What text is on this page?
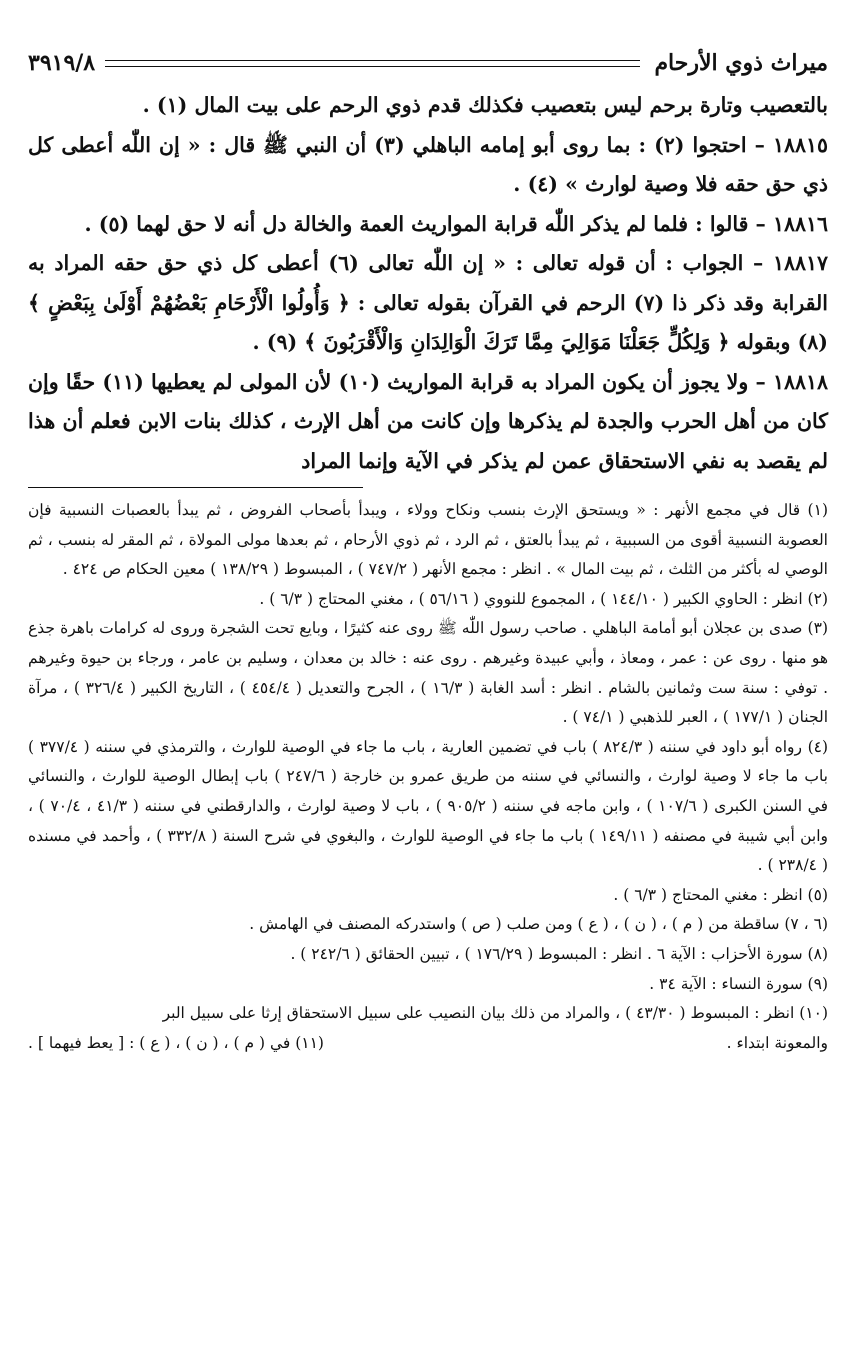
ميراث ذوي الأرحام
٣٩١٩/٨

بالتعصيب وتارة برحم ليس بتعصيب فكذلك قدم ذوي الرحم على بيت المال (١) .

١٨٨١٥ – احتجوا (٢) : بما روى أبو إمامه الباهلي (٣) أن النبي ﷺ قال : « إن اللّٰه أعطى كل ذي حق حقه فلا وصية لوارث » (٤) .

١٨٨١٦ – قالوا : فلما لم يذكر اللّٰه قرابة المواريث العمة والخالة دل أنه لا حق لهما (٥) .

١٨٨١٧ – الجواب : أن قوله تعالى : « إن اللّٰه تعالى (٦) أعطى كل ذي حق حقه المراد به القرابة وقد ذكر ذا (٧) الرحم في القرآن بقوله تعالى : ﴿ وَأُولُوا الْأَرْحَامِ بَعْضُهُمْ أَوْلَىٰ بِبَعْضٍ ﴾ (٨) وبقوله ﴿ وَلِكُلٍّ جَعَلْنَا مَوَالِيَ مِمَّا تَرَكَ الْوَالِدَانِ وَالْأَقْرَبُونَ ﴾ (٩) .

١٨٨١٨ – ولا يجوز أن يكون المراد به قرابة المواريث (١٠) لأن المولى لم يعطيها (١١) حقًا وإن كان من أهل الحرب والجدة لم يذكرها وإن كانت من أهل الإرث ، كذلك بنات الابن فعلم أن هذا لم يقصد به نفي الاستحقاق عمن لم يذكر في الآية وإنما المراد

(١) قال في مجمع الأنهر : « ويستحق الإرث بنسب ونكاح وولاء ، ويبدأ بأصحاب الفروض ، ثم يبدأ بالعصبات النسبية فإن العصوبة النسبية أقوى من السببية ، ثم يبدأ بالعتق ، ثم الرد ، ثم ذوي الأرحام ، ثم بعدها مولى المولاة ، ثم المقر له بنسب ، ثم الوصي له بأكثر من الثلث ، ثم بيت المال » . انظر : مجمع الأنهر ( ٧٤٧/٢ ) ، المبسوط ( ١٣٨/٢٩ ) معين الحكام ص ٤٢٤ .

(٢) انظر : الحاوي الكبير ( ١٤٤/١٠ ) ، المجموع للنووي ( ٥٦/١٦ ) ، مغني المحتاج ( ٦/٣ ) .

(٣) صدى بن عجلان أبو أمامة الباهلي . صاحب رسول اللّٰه ﷺ روى عنه كثيرًا ، وبايع تحت الشجرة وروى له كرامات باهرة جذع هو منها . روى عن : عمر ، ومعاذ ، وأبي عبيدة وغيرهم . روى عنه : خالد بن معدان ، وسليم بن عامر ، ورجاء بن حيوة وغيرهم . توفي : سنة ست وثمانين بالشام . انظر : أسد الغابة ( ١٦/٣ ) ، الجرح والتعديل ( ٤٥٤/٤ ) ، التاريخ الكبير ( ٣٢٦/٤ ) ، مرآة الجنان ( ١٧٧/١ ) ، العبر للذهبي ( ٧٤/١ ) .

(٤) رواه أبو داود في سننه ( ٨٢٤/٣ ) باب في تضمين العارية ، باب ما جاء في الوصية للوارث ، والترمذي في سننه ( ٣٧٧/٤ ) باب ما جاء لا وصية لوارث ، والنسائي في سننه من طريق عمرو بن خارجة ( ٢٤٧/٦ ) باب إبطال الوصية للوارث ، والنسائي في السنن الكبرى ( ١٠٧/٦ ) ، وابن ماجه في سننه ( ٩٠٥/٢ ) ، باب لا وصية لوارث ، والدارقطني في سننه ( ٤١/٣ ، ٧٠/٤ ) ، وابن أبي شيبة في مصنفه ( ١٤٩/١١ ) باب ما جاء في الوصية للوارث ، والبغوي في شرح السنة ( ٣٣٢/٨ ) ، وأحمد في مسنده ( ٢٣٨/٤ ) .

(٥) انظر : مغني المحتاج ( ٦/٣ ) .

(٦ ، ٧) ساقطة من ( م ) ، ( ن ) ، ( ع ) ومن صلب ( ص ) واستدركه المصنف في الهامش .

(٨) سورة الأحزاب : الآية ٦ . انظر : المبسوط ( ١٧٦/٢٩ ) ، تبيين الحقائق ( ٢٤٢/٦ ) .

(٩) سورة النساء : الآية ٣٤ .

(١٠) انظر : المبسوط ( ٤٣/٣٠ ) ، والمراد من ذلك بيان النصيب على سبيل الاستحقاق إرثا على سبيل البر

والمعونة ابتداء .
(١١) في ( م ) ، ( ن ) ، ( ع ) : [ يعط فيهما ] .
